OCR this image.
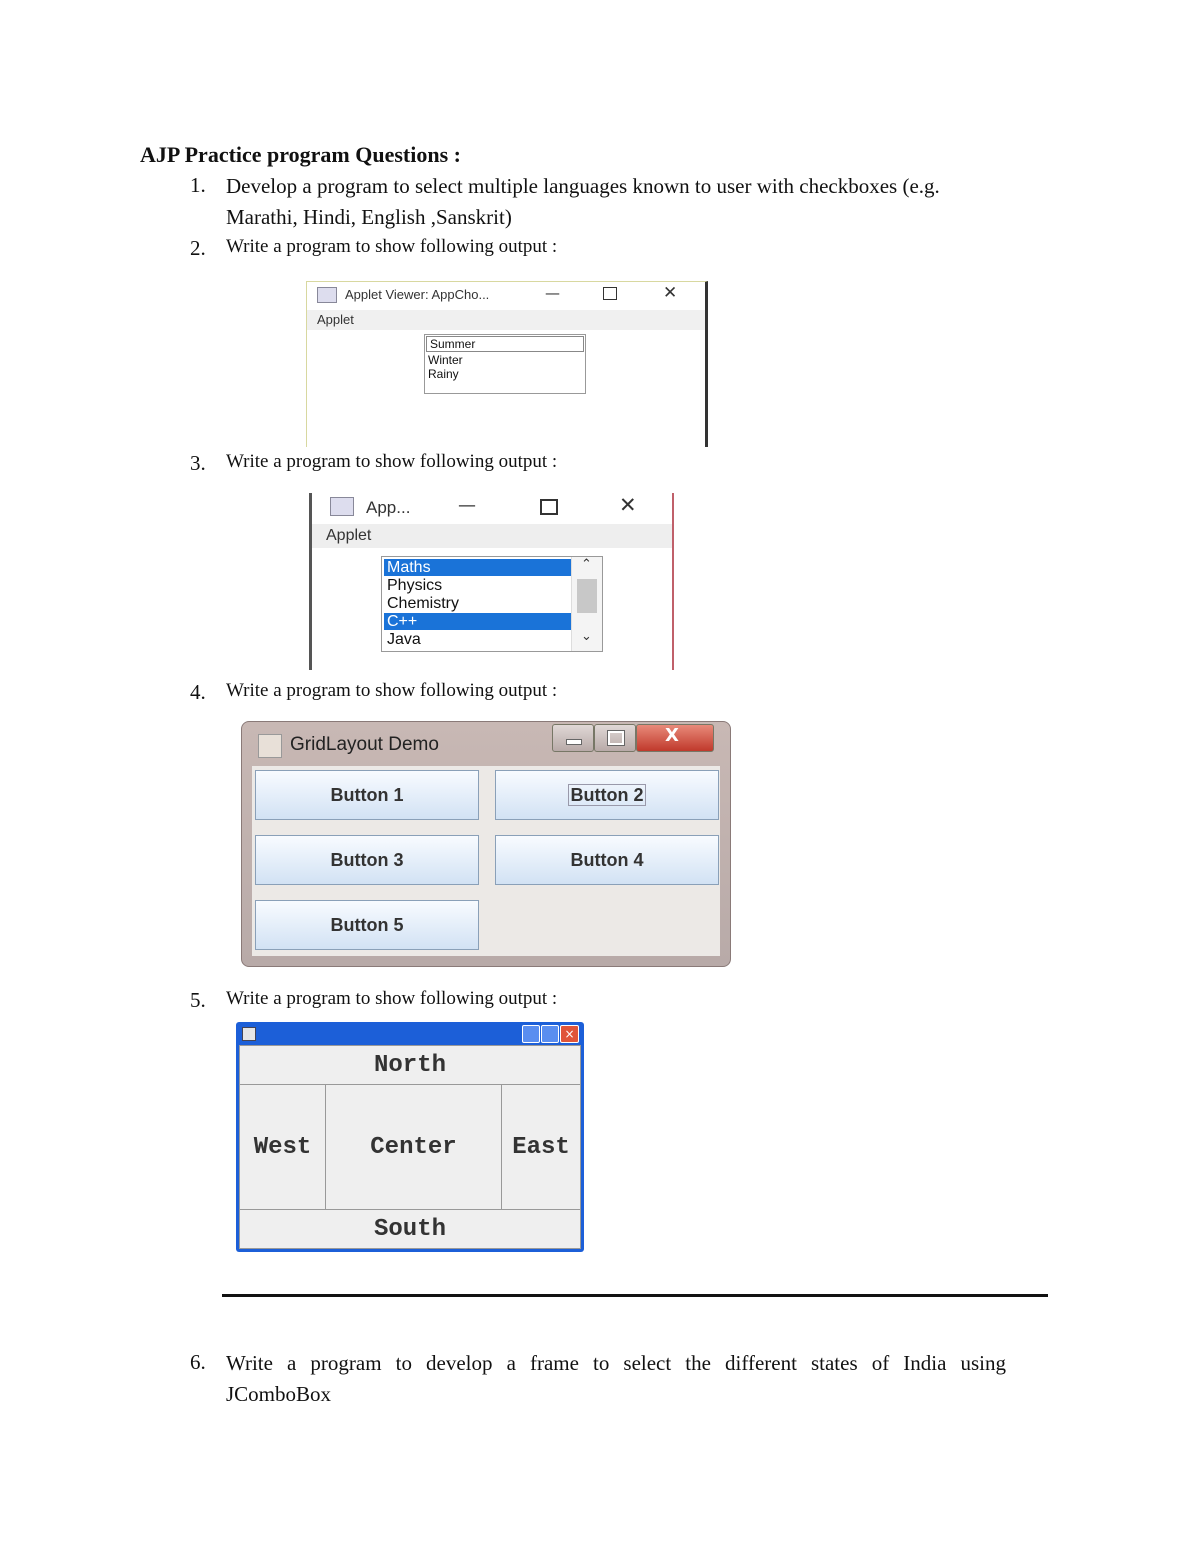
AJP Practice program Questions :
1. Develop a program to select multiple languages known to user with checkboxes (e.g.
Marathi, Hindi, English ,Sanskrit)
2. Write a program to show following output :
Applet Viewer: AppCho...	—	✕
Applet
Summer
Winter
Rainy
3. Write a program to show following output :
App...	—	✕
Applet
Maths
Physics
Chemistry
C++
Java
⌃
⌄
4. Write a program to show following output :
GridLayout Demo	X
Button 1	Button 2
Button 3	Button 4
Button 5
5. Write a program to show following output :
×
North
West	Center	East
South
6. Write a program to develop a frame to select the different states of India using
JComboBox
